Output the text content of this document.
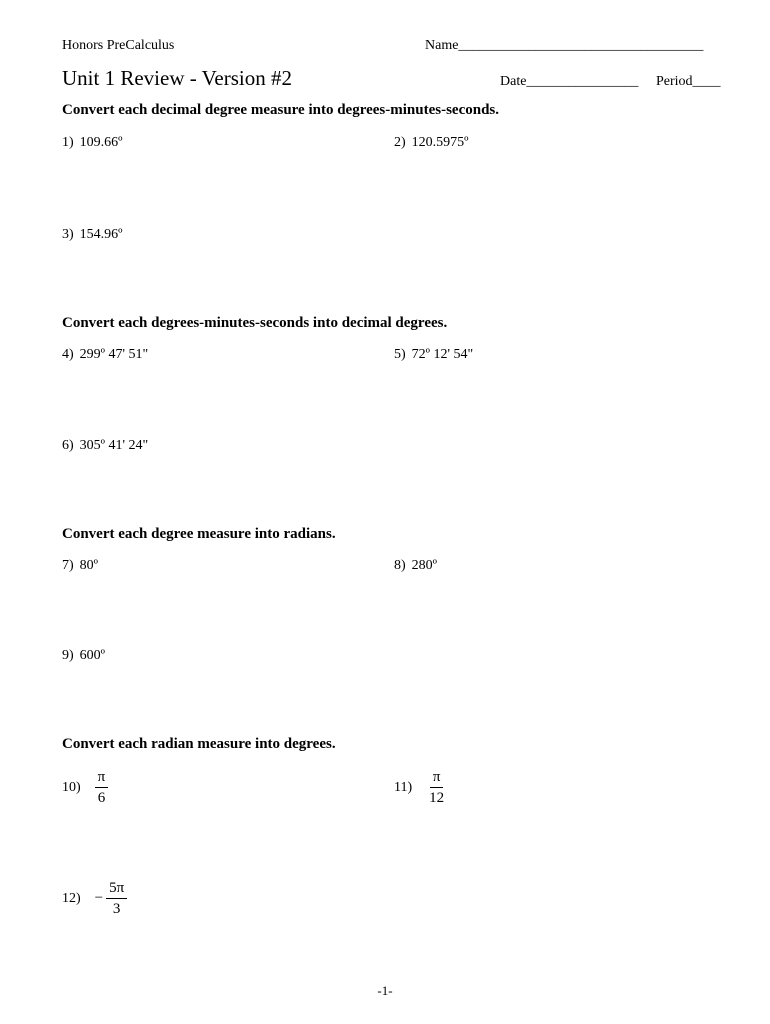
Honors PreCalculus
Unit 1 Review - Version #2
Name___________________________________
Date________________ Period____
Convert each decimal degree measure into degrees-minutes-seconds.
1) 109.66º	2) 120.5975º
3) 154.96º
Convert each degrees-minutes-seconds into decimal degrees.
4) 299º 47' 51"	5) 72º 12' 54"
6) 305º 41' 24"
Convert each degree measure into radians.
7) 80º	8) 280º
9) 600º
Convert each radian measure into degrees.
$10) \frac{\pi}{6}$	$11) \frac{\pi}{12}$
$12) - \frac{5\pi}{3}$
-1-
